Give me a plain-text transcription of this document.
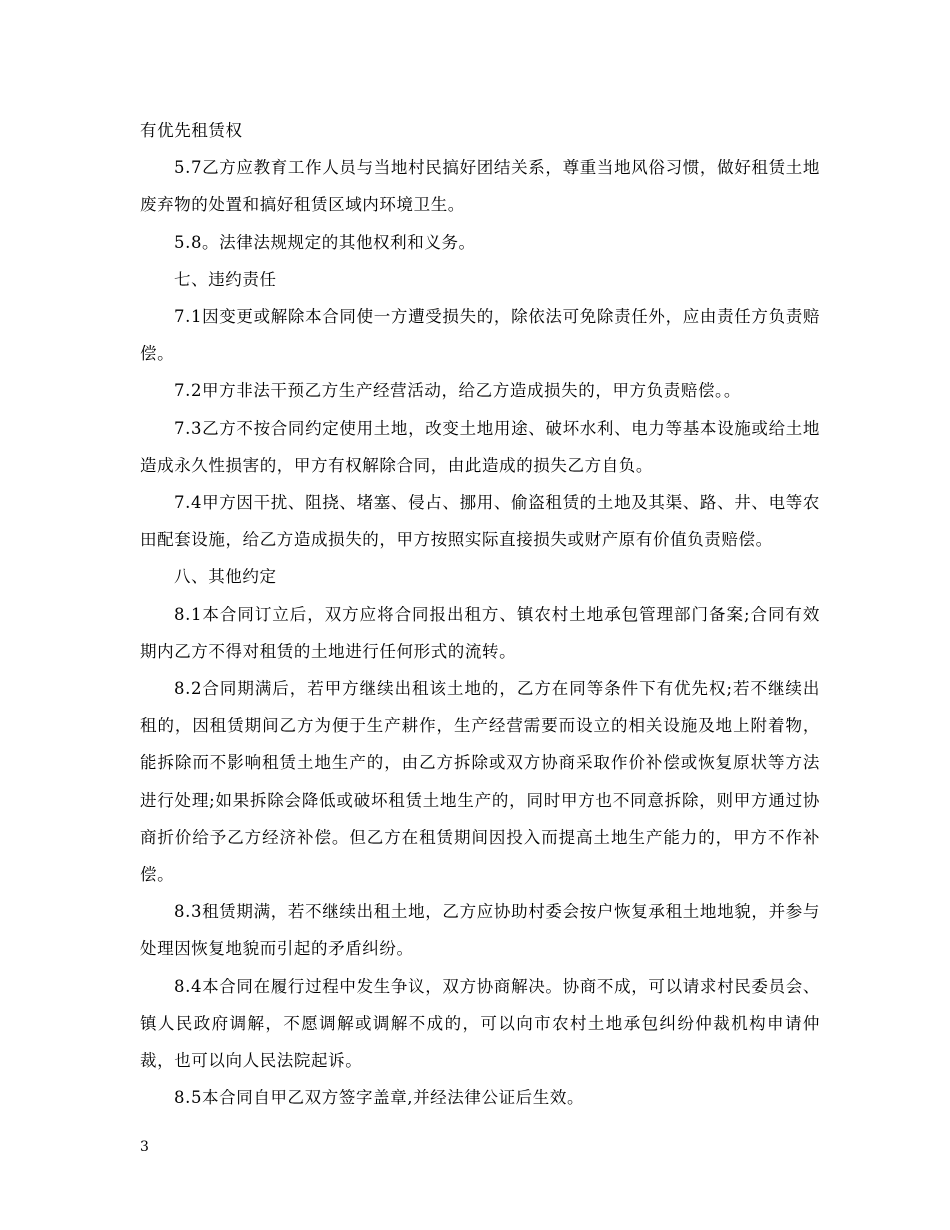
有优先租赁权

5.7乙方应教育工作人员与当地村民搞好团结关系，尊重当地风俗习惯，做好租赁土地废弃物的处置和搞好租赁区域内环境卫生。

5.8。法律法规规定的其他权利和义务。

七、违约责任

7.1因变更或解除本合同使一方遭受损失的，除依法可免除责任外，应由责任方负责赔偿。

7.2甲方非法干预乙方生产经营活动，给乙方造成损失的，甲方负责赔偿。。

7.3乙方不按合同约定使用土地，改变土地用途、破坏水利、电力等基本设施或给土地造成永久性损害的，甲方有权解除合同，由此造成的损失乙方自负。

7.4甲方因干扰、阻挠、堵塞、侵占、挪用、偷盗租赁的土地及其渠、路、井、电等农田配套设施，给乙方造成损失的，甲方按照实际直接损失或财产原有价值负责赔偿。

八、其他约定

8.1本合同订立后，双方应将合同报出租方、镇农村土地承包管理部门备案;合同有效期内乙方不得对租赁的土地进行任何形式的流转。

8.2合同期满后，若甲方继续出租该土地的，乙方在同等条件下有优先权;若不继续出租的，因租赁期间乙方为便于生产耕作，生产经营需要而设立的相关设施及地上附着物，能拆除而不影响租赁土地生产的，由乙方拆除或双方协商采取作价补偿或恢复原状等方法进行处理;如果拆除会降低或破坏租赁土地生产的，同时甲方也不同意拆除，则甲方通过协商折价给予乙方经济补偿。但乙方在租赁期间因投入而提高土地生产能力的，甲方不作补偿。

8.3租赁期满，若不继续出租土地，乙方应协助村委会按户恢复承租土地地貌，并参与处理因恢复地貌而引起的矛盾纠纷。

8.4本合同在履行过程中发生争议，双方协商解决。协商不成，可以请求村民委员会、镇人民政府调解，不愿调解或调解不成的，可以向市农村土地承包纠纷仲裁机构申请仲裁，也可以向人民法院起诉。

8.5本合同自甲乙双方签字盖章,并经法律公证后生效。

3
